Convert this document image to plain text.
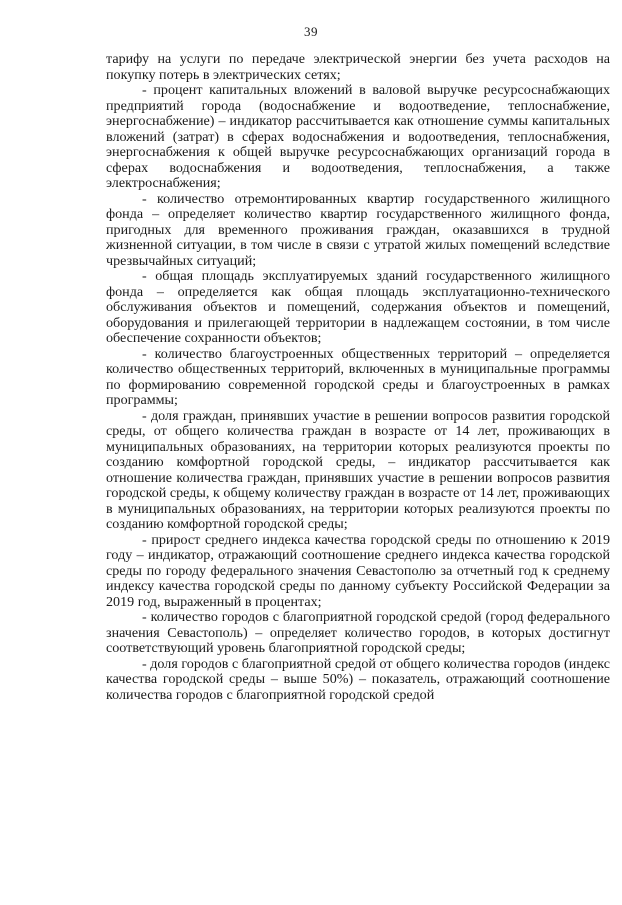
39

тарифу на услуги по передаче электрической энергии без учета расходов на покупку потерь в электрических сетях;

- процент капитальных вложений в валовой выручке ресурсоснабжающих предприятий города (водоснабжение и водоотведение, теплоснабжение, энергоснабжение) – индикатор рассчитывается как отношение суммы капитальных вложений (затрат) в сферах водоснабжения и водоотведения, теплоснабжения, энергоснабжения к общей выручке ресурсоснабжающих организаций города в сферах водоснабжения и водоотведения, теплоснабжения, а также электроснабжения;

- количество отремонтированных квартир государственного жилищного фонда – определяет количество квартир государственного жилищного фонда, пригодных для временного проживания граждан, оказавшихся в трудной жизненной ситуации, в том числе в связи с утратой жилых помещений вследствие чрезвычайных ситуаций;

- общая площадь эксплуатируемых зданий государственного жилищного фонда – определяется как общая площадь эксплуатационно-технического обслуживания объектов и помещений, содержания объектов и помещений, оборудования и прилегающей территории в надлежащем состоянии, в том числе обеспечение сохранности объектов;

- количество благоустроенных общественных территорий – определяется количество общественных территорий, включенных в муниципальные программы по формированию современной городской среды и благоустроенных в рамках программы;

- доля граждан, принявших участие в решении вопросов развития городской среды, от общего количества граждан в возрасте от 14 лет, проживающих в муниципальных образованиях, на территории которых реализуются проекты по созданию комфортной городской среды, – индикатор рассчитывается как отношение количества граждан, принявших участие в решении вопросов развития городской среды, к общему количеству граждан в возрасте от 14 лет, проживающих в муниципальных образованиях, на территории которых реализуются проекты по созданию комфортной городской среды;

- прирост среднего индекса качества городской среды по отношению к 2019 году – индикатор, отражающий соотношение среднего индекса качества городской среды по городу федерального значения Севастополю за отчетный год к среднему индексу качества городской среды по данному субъекту Российской Федерации за 2019 год, выраженный в процентах;

- количество городов с благоприятной городской средой (город федерального значения Севастополь) – определяет количество городов, в которых достигнут соответствующий уровень благоприятной городской среды;

- доля городов с благоприятной средой от общего количества городов (индекс качества городской среды – выше 50%) – показатель, отражающий соотношение количества городов с благоприятной городской средой
